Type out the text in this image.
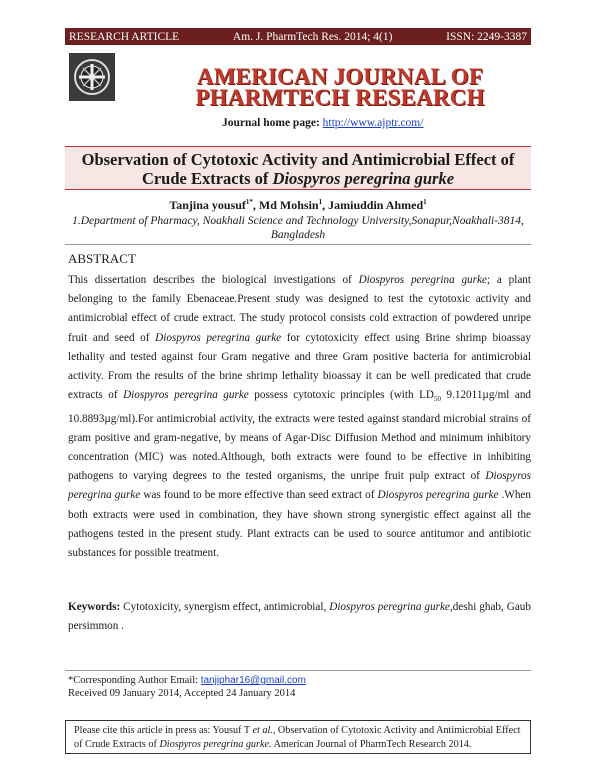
RESEARCH ARTICLE	Am. J. PharmTech Res. 2014; 4(1)	ISSN: 2249-3387
AMERICAN JOURNAL OF
PHARMTECH RESEARCH
Journal home page: http://www.ajptr.com/
Observation of Cytotoxic Activity and Antimicrobial Effect of
Crude Extracts of Diospyros peregrina gurke
Tanjina yousuf$^{1*}$, Md Mohsin$^1$, Jamiuddin Ahmed$^1$
1.Department of Pharmacy, Noakhali Science and Technology University,Sonapur,Noakhali-3814, Bangladesh
ABSTRACT
This dissertation describes the biological investigations of Diospyros peregrina gurke; a plant belonging to the family Ebenaceae.Present study was designed to test the cytotoxic activity and antimicrobial effect of crude extract. The study protocol consists cold extraction of powdered unripe fruit and seed of Diospyros peregrina gurke for cytotoxicity effect using Brine shrimp bioassay lethality and tested against four Gram negative and three Gram positive bacteria for antimicrobial activity. From the results of the brine shrimp lethality bioassay it can be well predicated that crude extracts of Diospyros peregrina gurke possess cytotoxic principles (with $LD_{50}$ 9.12011µg/ml and 10.8893µg/ml).For antimicrobial activity, the extracts were tested against standard microbial strains of gram positive and gram-negative, by means of Agar-Disc Diffusion Method and minimum inhibitory concentration (MIC) was noted.Although, both extracts were found to be effective in inhibiting pathogens to varying degrees to the tested organisms, the unripe fruit pulp extract of Diospyros peregrina gurke was found to be more effective than seed extract of Diospyros peregrina gurke .When both extracts were used in combination, they have shown strong synergistic effect against all the pathogens tested in the present study. Plant extracts can be used to source antitumor and antibiotic substances for possible treatment.
Keywords: Cytotoxicity, synergism effect, antimicrobial, Diospyros peregrina gurke,deshi ghab, Gaub persimmon .
*Corresponding Author Email: tanjiphar16@gmail.com
Received 09 January 2014, Accepted 24 January 2014
Please cite this article in press as: Yousuf T et al., Observation of Cytotoxic Activity and Antimicrobial Effect of Crude Extracts of Diospyros peregrina gurke. American Journal of PharmTech Research 2014.
